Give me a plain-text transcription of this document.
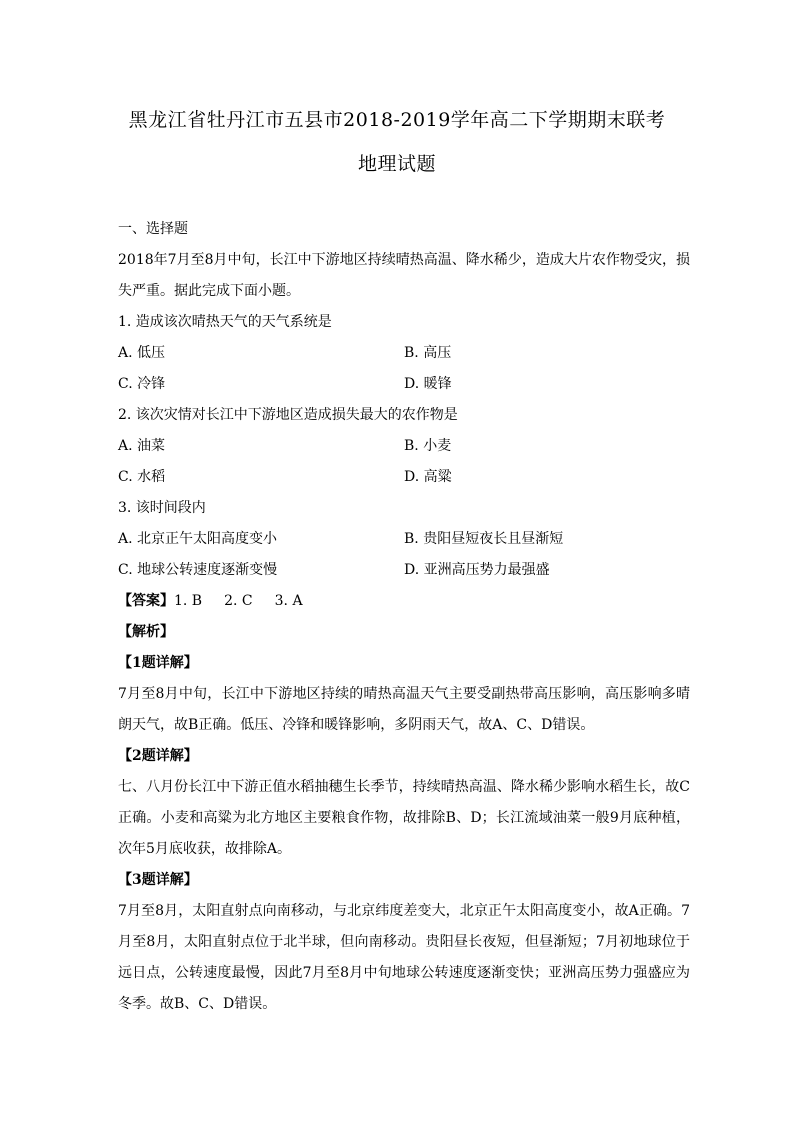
黑龙江省牡丹江市五县市2018-2019学年高二下学期期末联考
地理试题
一、选择题
2018年7月至8月中旬，长江中下游地区持续晴热高温、降水稀少，造成大片农作物受灾，损失严重。据此完成下面小题。
1. 造成该次晴热天气的天气系统是
A. 低压	B. 高压
C. 冷锋	D. 暖锋
2. 该次灾情对长江中下游地区造成损失最大的农作物是
A. 油菜	B. 小麦
C. 水稻	D. 高粱
3. 该时间段内
A. 北京正午太阳高度变小	B. 贵阳昼短夜长且昼渐短
C. 地球公转速度逐渐变慢	D. 亚洲高压势力最强盛
【答案】1. B 2. C 3. A
【解析】
【1题详解】
7月至8月中旬，长江中下游地区持续的晴热高温天气主要受副热带高压影响，高压影响多晴朗天气，故B正确。低压、冷锋和暖锋影响，多阴雨天气，故A、C、D错误。
【2题详解】
七、八月份长江中下游正值水稻抽穗生长季节，持续晴热高温、降水稀少影响水稻生长，故C正确。小麦和高粱为北方地区主要粮食作物，故排除B、D；长江流域油菜一般9月底种植，次年5月底收获，故排除A。
【3题详解】
7月至8月，太阳直射点向南移动，与北京纬度差变大，北京正午太阳高度变小，故A正确。7月至8月，太阳直射点位于北半球，但向南移动。贵阳昼长夜短，但昼渐短；7月初地球位于远日点，公转速度最慢，因此7月至8月中旬地球公转速度逐渐变快；亚洲高压势力强盛应为冬季。故B、C、D错误。
